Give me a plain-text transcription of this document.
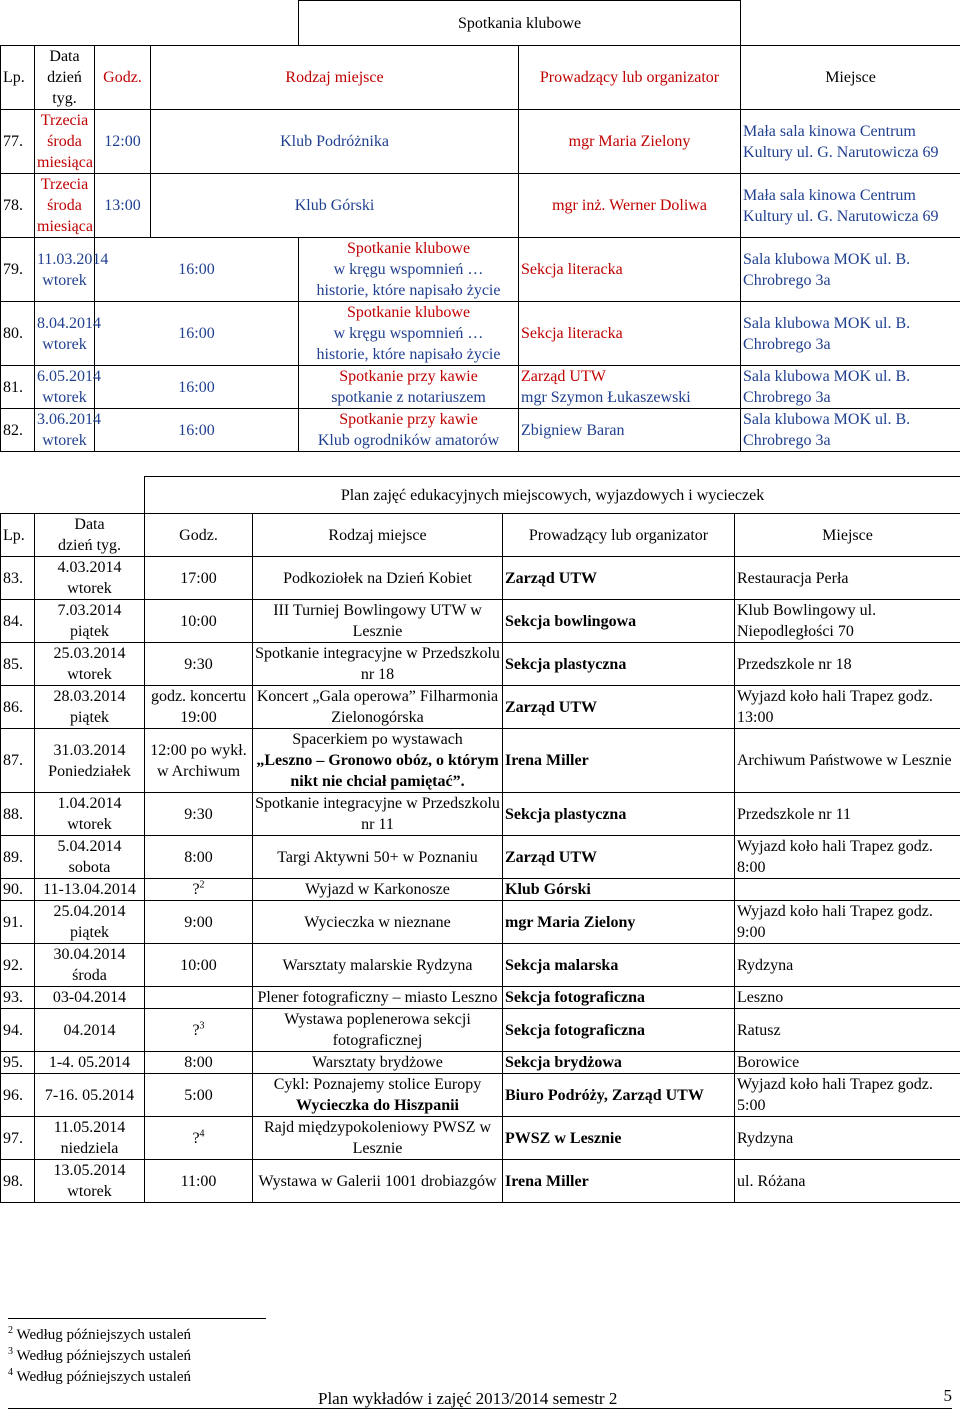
				Spotkania klubowe		
Lp.	Data
dzień tyg.	Godz.	Rodzaj miejsce		Prowadzący lub organizator	Miejsce
77.	Trzecia środa miesiąca	12:00	Klub Podróżnika		mgr Maria Zielony	Mała sala kinowa Centrum Kultury ul. G. Narutowicza 69
78.	Trzecia środa miesiąca	13:00	Klub Górski		mgr inż. Werner Doliwa	Mała sala kinowa Centrum Kultury ul. G. Narutowicza 69
79.	11.03.2014 wtorek	16:00		Spotkanie klubowe
w kręgu wspomnień …
historie, które napisało życie	Sekcja literacka	Sala klubowa MOK ul. B. Chrobrego 3a
80.	8.04.2014 wtorek	16:00		Spotkanie klubowe
w kręgu wspomnień …
historie, które napisało życie	Sekcja literacka	Sala klubowa MOK ul. B. Chrobrego 3a
81.	6.05.2014 wtorek	16:00		Spotkanie przy kawie
spotkanie z notariuszem	Zarząd UTW
mgr Szymon Łukaszewski	Sala klubowa MOK ul. B. Chrobrego 3a
82.	3.06.2014 wtorek	16:00		Spotkanie przy kawie
Klub ogrodników amatorów	Zbigniew Baran	Sala klubowa MOK ul. B. Chrobrego 3a
		Plan zajęć edukacyjnych miejscowych, wyjazdowych i wycieczek			
Lp.	Data
dzień tyg.	Godz.	Rodzaj miejsce	Prowadzący lub organizator	Miejsce
83.	4.03.2014 wtorek	17:00	Podkoziołek na Dzień Kobiet	Zarząd UTW	Restauracja Perła
84.	7.03.2014 piątek	10:00	III Turniej Bowlingowy UTW w Lesznie	Sekcja bowlingowa	Klub Bowlingowy ul. Niepodległości 70
85.	25.03.2014 wtorek	9:30	Spotkanie integracyjne w Przedszkolu nr 18	Sekcja plastyczna	Przedszkole nr 18
86.	28.03.2014 piątek	godz. koncertu 19:00	Koncert „Gala operowa” Filharmonia Zielonogórska	Zarząd UTW	Wyjazd koło hali Trapez godz. 13:00
87.	31.03.2014 Poniedziałek	12:00 po wykł. w Archiwum	Spacerkiem po wystawach
„Leszno – Gronowo obóz, o którym nikt nie chciał pamiętać”.	Irena Miller	Archiwum Państwowe w Lesznie
88.	1.04.2014 wtorek	9:30	Spotkanie integracyjne w Przedszkolu nr 11	Sekcja plastyczna	Przedszkole nr 11
89.	5.04.2014 sobota	8:00	Targi Aktywni 50+ w Poznaniu	Zarząd UTW	Wyjazd koło hali Trapez godz. 8:00
90.	11-13.04.2014	?$^2$	Wyjazd w Karkonosze	Klub Górski	
91.	25.04.2014 piątek	9:00	Wycieczka w nieznane	mgr Maria Zielony	Wyjazd koło hali Trapez godz. 9:00
92.	30.04.2014 środa	10:00	Warsztaty malarskie Rydzyna	Sekcja malarska	Rydzyna
93.	03-04.2014		Plener fotograficzny – miasto Leszno	Sekcja fotograficzna	Leszno
94.	04.2014	?$^3$	Wystawa poplenerowa sekcji fotograficznej	Sekcja fotograficzna	Ratusz
95.	1-4. 05.2014	8:00	Warsztaty brydżowe	Sekcja brydżowa	Borowice
96.	7-16. 05.2014	5:00	Cykl: Poznajemy stolice Europy
Wycieczka do Hiszpanii	Biuro Podróży, Zarząd UTW	Wyjazd koło hali Trapez godz. 5:00
97.	11.05.2014 niedziela	?$^4$	Rajd międzypokoleniowy PWSZ w Lesznie	PWSZ w Lesznie	Rydzyna
98.	13.05.2014 wtorek	11:00	Wystawa w Galerii 1001 drobiazgów	Irena Miller	ul. Różana
$^2$ Według późniejszych ustaleń
$^3$ Według późniejszych ustaleń
$^4$ Według późniejszych ustaleń
Plan wykładów i zajęć 2013/2014 semestr 2	5
